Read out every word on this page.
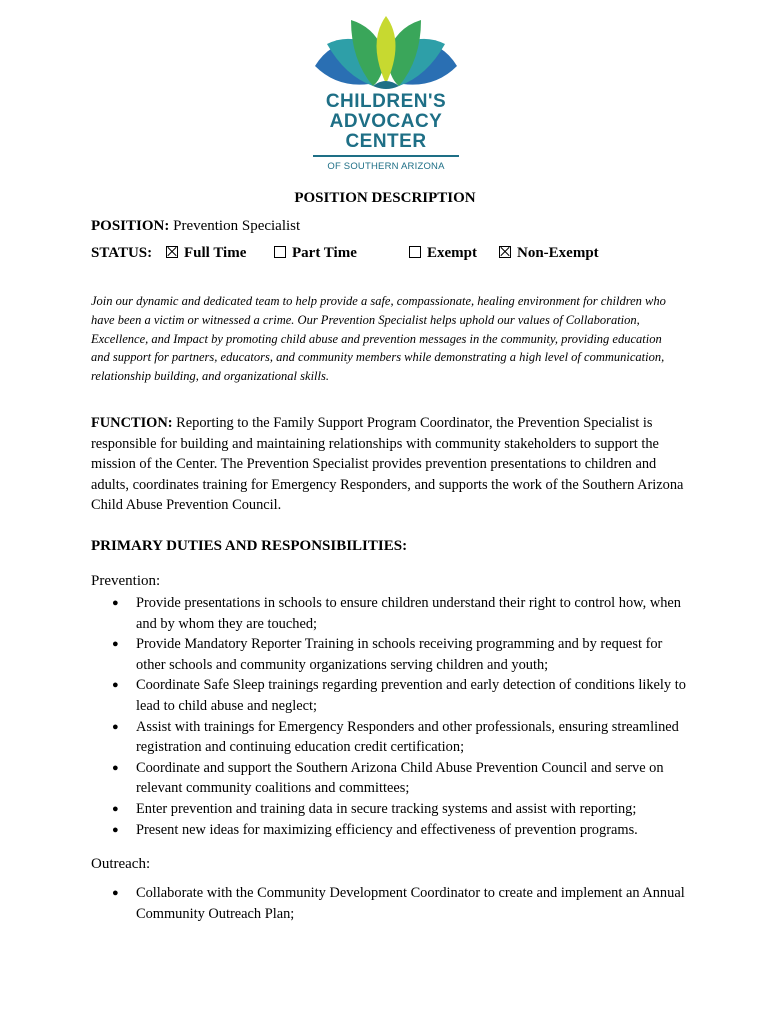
CHILDREN'S
ADVOCACY
CENTER
OF SOUTHERN ARIZONA
POSITION DESCRIPTION
POSITION: Prevention Specialist
STATUS:	Full Time	Part Time	Exempt	Non-Exempt
Join our dynamic and dedicated team to help provide a safe, compassionate, healing environment for children who have been a victim or witnessed a crime. Our Prevention Specialist helps uphold our values of Collaboration, Excellence, and Impact by promoting child abuse and prevention messages in the community, providing education and support for partners, educators, and community members while demonstrating a high level of communication, relationship building, and organizational skills.
FUNCTION: Reporting to the Family Support Program Coordinator, the Prevention Specialist is responsible for building and maintaining relationships with community stakeholders to support the mission of the Center. The Prevention Specialist provides prevention presentations to children and adults, coordinates training for Emergency Responders, and supports the work of the Southern Arizona Child Abuse Prevention Council.
PRIMARY DUTIES AND RESPONSIBILITIES:
Prevention:
● Provide presentations in schools to ensure children understand their right to control how, when and by whom they are touched;
● Provide Mandatory Reporter Training in schools receiving programming and by request for other schools and community organizations serving children and youth;
● Coordinate Safe Sleep trainings regarding prevention and early detection of conditions likely to lead to child abuse and neglect;
● Assist with trainings for Emergency Responders and other professionals, ensuring streamlined registration and continuing education credit certification;
● Coordinate and support the Southern Arizona Child Abuse Prevention Council and serve on relevant community coalitions and committees;
● Enter prevention and training data in secure tracking systems and assist with reporting;
● Present new ideas for maximizing efficiency and effectiveness of prevention programs.
Outreach:
● Collaborate with the Community Development Coordinator to create and implement an Annual Community Outreach Plan;
